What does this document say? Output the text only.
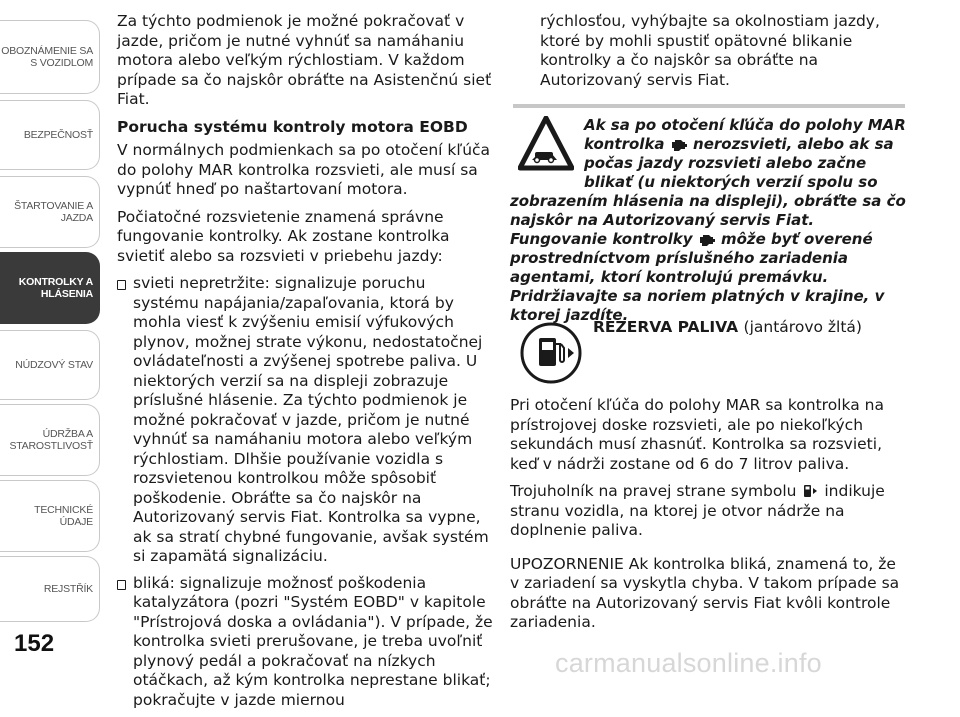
OBOZNÁMENIE SA
S VOZIDLOM
BEZPEČNOSŤ
ŠTARTOVANIE A
JAZDA
KONTROLKY A
HLÁSENIA
NÚDZOVÝ STAV
ÚDRŽBA A
STAROSTLIVOSŤ
TECHNICKÉ ÚDAJE
REJSTŘÍK
152

Za týchto podmienok je možné pokračovať v jazde, pričom je nutné vyhnúť sa namáhaniu motora alebo veľkým rýchlostiam. V každom prípade sa čo najskôr obráťte na Asistenčnú sieť Fiat.

Porucha systému kontroly motora EOBD

V normálnych podmienkach sa po otočení kľúča do polohy MAR kontrolka rozsvieti, ale musí sa vypnúť hneď po naštartovaní motora.

Počiatočné rozsvietenie znamená správne fungovanie kontrolky. Ak zostane kontrolka svietiť alebo sa rozsvieti v priebehu jazdy:

svieti nepretržite: signalizuje poruchu systému napájania/zapaľovania, ktorá by mohla viesť k zvýšeniu emisií výfukových plynov, možnej strate výkonu, nedostatočnej ovládateľnosti a zvýšenej spotrebe paliva. U niektorých verzií sa na displeji zobrazuje príslušné hlásenie. Za týchto podmienok je možné pokračovať v jazde, pričom je nutné vyhnúť sa namáhaniu motora alebo veľkým rýchlostiam. Dlhšie používanie vozidla s rozsvietenou kontrolkou môže spôsobiť poškodenie. Obráťte sa čo najskôr na Autorizovaný servis Fiat. Kontrolka sa vypne, ak sa stratí chybné fungovanie, avšak systém si zapamätá signalizáciu.
bliká: signalizuje možnosť poškodenia katalyzátora (pozri "Systém EOBD" v kapitole "Prístrojová doska a ovládania"). V prípade, že kontrolka svieti prerušovane, je treba uvoľniť plynový pedál a pokračovať na nízkych otáčkach, až kým kontrolka neprestane blikať; pokračujte v jazde miernou

rýchlosťou, vyhýbajte sa okolnostiam jazdy, ktoré by mohli spustiť opätovné blikanie kontrolky a čo najskôr sa obráťte na Autorizovaný servis Fiat.

Ak sa po otočení kľúča do polohy MAR kontrolka nerozsvieti, alebo ak sa počas jazdy rozsvieti alebo začne blikať (u niektorých verzií spolu so zobrazením hlásenia na displeji), obráťte sa čo najskôr na Autorizovaný servis Fiat. Fungovanie kontrolky môže byť overené prostredníctvom príslušného zariadenia agentami, ktorí kontrolujú premávku. Pridržiavajte sa noriem platných v krajine, v ktorej jazdíte.
REZERVA PALIVA (jantárovo žltá)

Pri otočení kľúča do polohy MAR sa kontrolka na prístrojovej doske rozsvieti, ale po niekoľkých sekundách musí zhasnúť. Kontrolka sa rozsvieti, keď v nádrži zostane od 6 do 7 litrov paliva.

Trojuholník na pravej strane symbolu indikuje stranu vozidla, na ktorej je otvor nádrže na doplnenie paliva.

UPOZORNENIE Ak kontrolka bliká, znamená to, že v zariadení sa vyskytla chyba. V takom prípade sa obráťte na Autorizovaný servis Fiat kvôli kontrole zariadenia.

carmanualsonline.info
